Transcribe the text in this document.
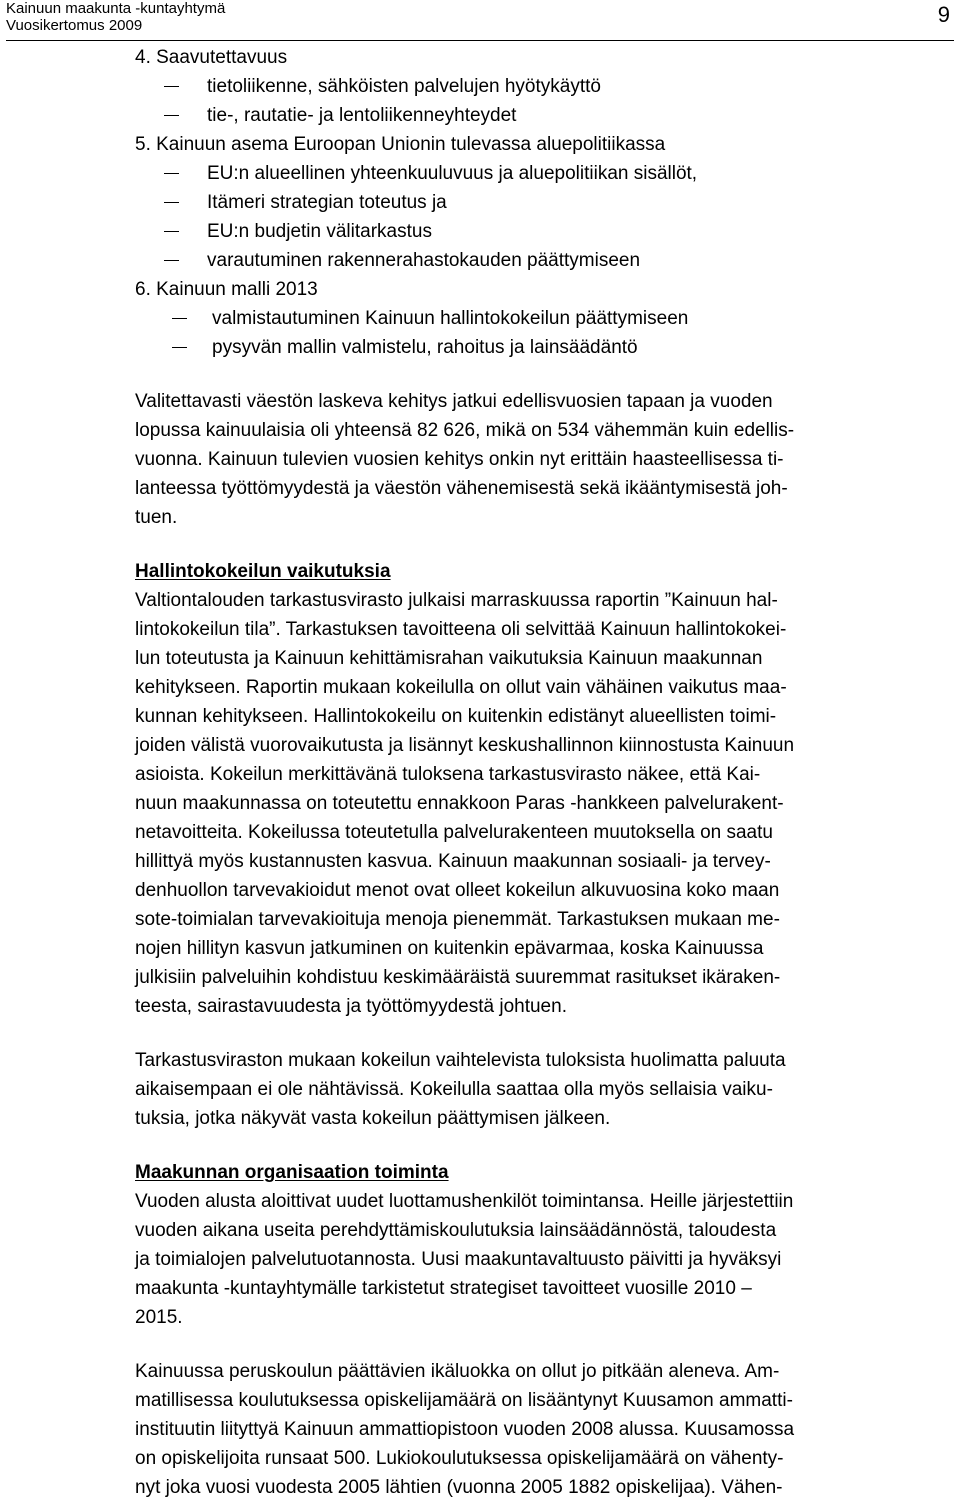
Kainuun maakunta -kuntayhtymä
Vuosikertomus 2009	9
4. Saavutettavuus
tietoliikenne, sähköisten palvelujen hyötykäyttö
tie-, rautatie- ja lentoliikenneyhteydet
5. Kainuun asema Euroopan Unionin tulevassa aluepolitiikassa
EU:n alueellinen yhteenkuuluvuus ja aluepolitiikan sisällöt,
Itämeri strategian toteutus ja
EU:n budjetin välitarkastus
varautuminen rakennerahastokauden päättymiseen
6. Kainuun malli 2013
valmistautuminen Kainuun hallintokokeilun päättymiseen
pysyvän mallin valmistelu, rahoitus ja lainsäädäntö
Valitettavasti väestön laskeva kehitys jatkui edellisvuosien tapaan ja vuoden
lopussa kainuulaisia oli yhteensä 82 626, mikä on 534 vähemmän kuin edellis-
vuonna. Kainuun tulevien vuosien kehitys onkin nyt erittäin haasteellisessa ti-
lanteessa työttömyydestä ja väestön vähenemisestä sekä ikääntymisestä joh-
tuen.
Hallintokokeilun vaikutuksia
Valtiontalouden tarkastusvirasto julkaisi marraskuussa raportin ”Kainuun hal-
lintokokeilun tila”. Tarkastuksen tavoitteena oli selvittää Kainuun hallintokokei-
lun toteutusta ja Kainuun kehittämisrahan vaikutuksia Kainuun maakunnan
kehitykseen. Raportin mukaan kokeilulla on ollut vain vähäinen vaikutus maa-
kunnan kehitykseen. Hallintokokeilu on kuitenkin edistänyt alueellisten toimi-
joiden välistä vuorovaikutusta ja lisännyt keskushallinnon kiinnostusta Kainuun
asioista. Kokeilun merkittävänä tuloksena tarkastusvirasto näkee, että Kai-
nuun maakunnassa on toteutettu ennakkoon Paras -hankkeen palvelurakent-
netavoitteita. Kokeilussa toteutetulla palvelurakenteen muutoksella on saatu
hillittyä myös kustannusten kasvua. Kainuun maakunnan sosiaali- ja tervey-
denhuollon tarvevakioidut menot ovat olleet kokeilun alkuvuosina koko maan
sote-toimialan tarvevakioituja menoja pienemmät. Tarkastuksen mukaan me-
nojen hillityn kasvun jatkuminen on kuitenkin epävarmaa, koska Kainuussa
julkisiin palveluihin kohdistuu keskimääräistä suuremmat rasitukset ikäraken-
teesta, sairastavuudesta ja työttömyydestä johtuen.
Tarkastusviraston mukaan kokeilun vaihtelevista tuloksista huolimatta paluuta
aikaisempaan ei ole nähtävissä. Kokeilulla saattaa olla myös sellaisia vaiku-
tuksia, jotka näkyvät vasta kokeilun päättymisen jälkeen.
Maakunnan organisaation toiminta
Vuoden alusta aloittivat uudet luottamushenkilöt toimintansa. Heille järjestettiin
vuoden aikana useita perehdyttämiskoulutuksia lainsäädännöstä, taloudesta
ja toimialojen palvelutuotannosta. Uusi maakuntavaltuusto päivitti ja hyväksyi
maakunta -kuntayhtymälle tarkistetut strategiset tavoitteet vuosille 2010 –
2015.
Kainuussa peruskoulun päättävien ikäluokka on ollut jo pitkään aleneva. Am-
matillisessa koulutuksessa opiskelijamäärä on lisääntynyt Kuusamon ammatti-
instituutin liityttyä Kainuun ammattiopistoon vuoden 2008 alussa. Kuusamossa
on opiskelijoita runsaat 500. Lukiokoulutuksessa opiskelijamäärä on vähenty-
nyt joka vuosi vuodesta 2005 lähtien (vuonna 2005 1882 opiskelijaa). Vähen-
